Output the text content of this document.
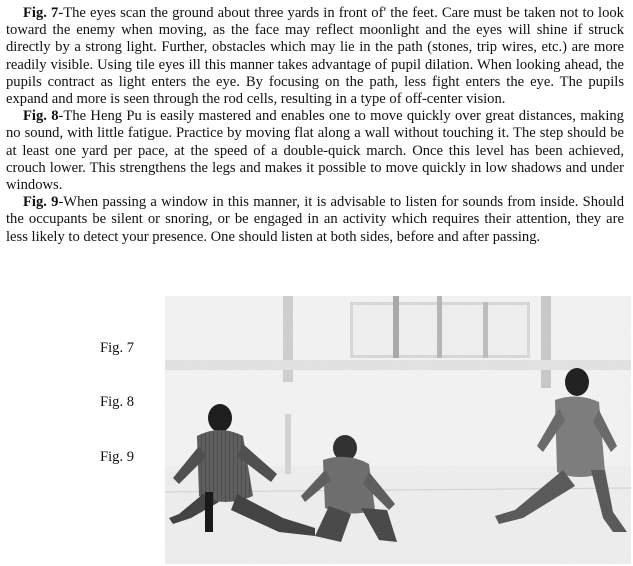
Fig. 7-The eyes scan the ground about three yards in front of' the feet. Care must be taken not to look toward the enemy when moving, as the face may reflect moonlight and the eyes will shine if struck directly by a strong light. Further, obstacles which may lie in the path (stones, trip wires, etc.) are more readily visible. Using tile eyes ill this manner takes advantage of pupil dilation. When looking ahead, the pupils contract as light enters the eye. By focusing on the path, less fight enters the eye. The pupils expand and more is seen through the rod cells, resulting in a type of off-center vision.

Fig. 8-The Heng Pu is easily mastered and enables one to move quickly over great distances, making no sound, with little fatigue. Practice by moving flat along a wall without touching it. The step should be at least one yard per pace, at the speed of a double-quick march. Once this level has been achieved, crouch lower. This strengthens the legs and makes it possible to move quickly in low shadows and under windows.

Fig. 9-When passing a window in this manner, it is advisable to listen for sounds from inside. Should the occupants be silent or snoring, or be engaged in an activity which requires their attention, they are less likely to detect your presence. One should listen at both sides, before and after passing.

Fig. 7
Fig. 8
Fig. 9
